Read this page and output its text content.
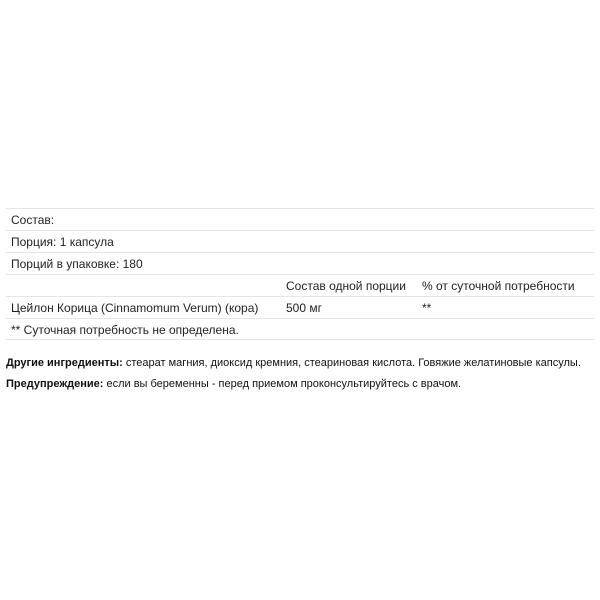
Состав:
Порция: 1 капсула
Порций в упаковке: 180
Состав одной порции % от суточной потребности
Цейлон Корица (Cinnamomum Verum) (кора) 500 мг	**
** Суточная потребность не определена.
Другие ингредиенты: стеарат магния, диоксид кремния, стеариновая кислота. Говяжие желатиновые капсулы.
Предупреждение: если вы беременны - перед приемом проконсультируйтесь с врачом.
